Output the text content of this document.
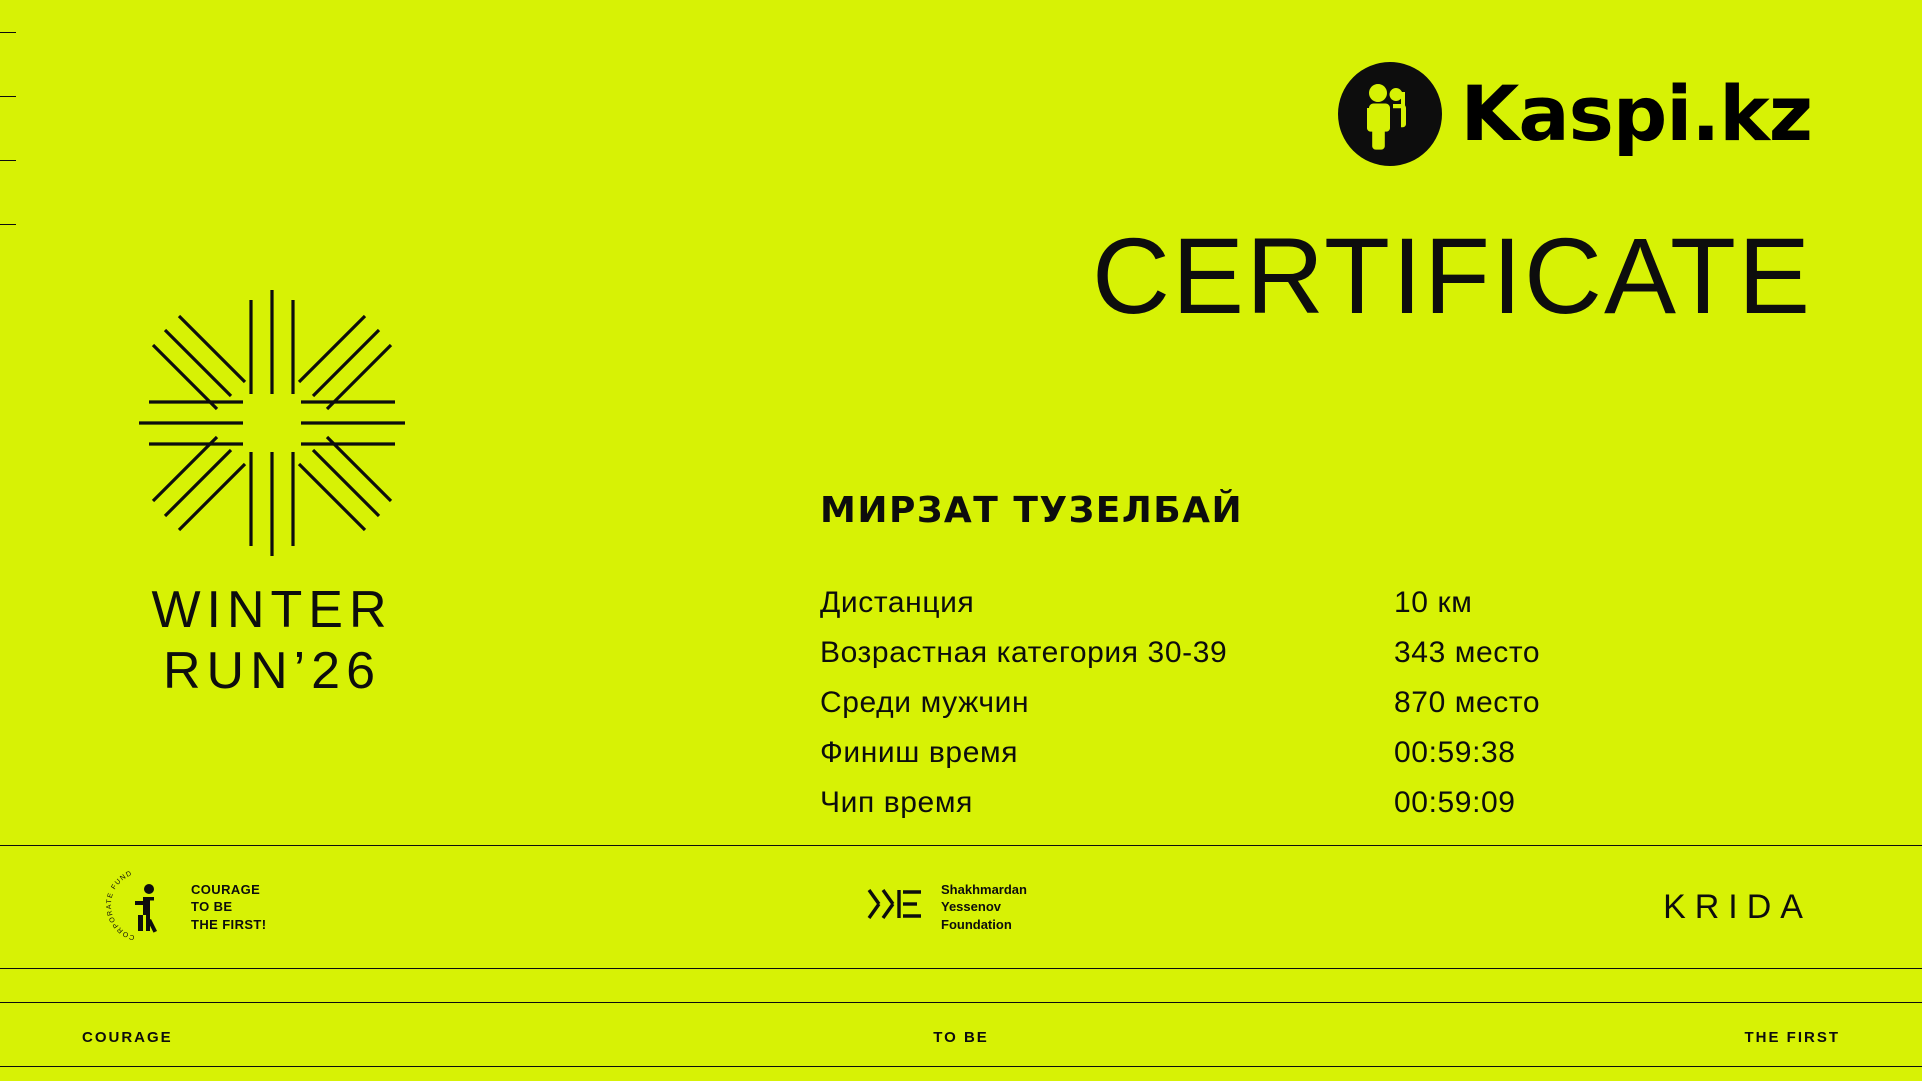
Kaspi.kz
CERTIFICATE
WINTER
RUN’26
МИРЗАТ ТУЗЕЛБАЙ
Дистанция	10 км
Возрастная категория 30-39	343 место
Среди мужчин	870 место
Финиш время	00:59:38
Чип время	00:59:09
CORPORATE FUND
COURAGE
TO BE
THE FIRST!
Shakhmardan
Yessenov
Foundation	KRIDA
COURAGE	TO BE	THE FIRST
